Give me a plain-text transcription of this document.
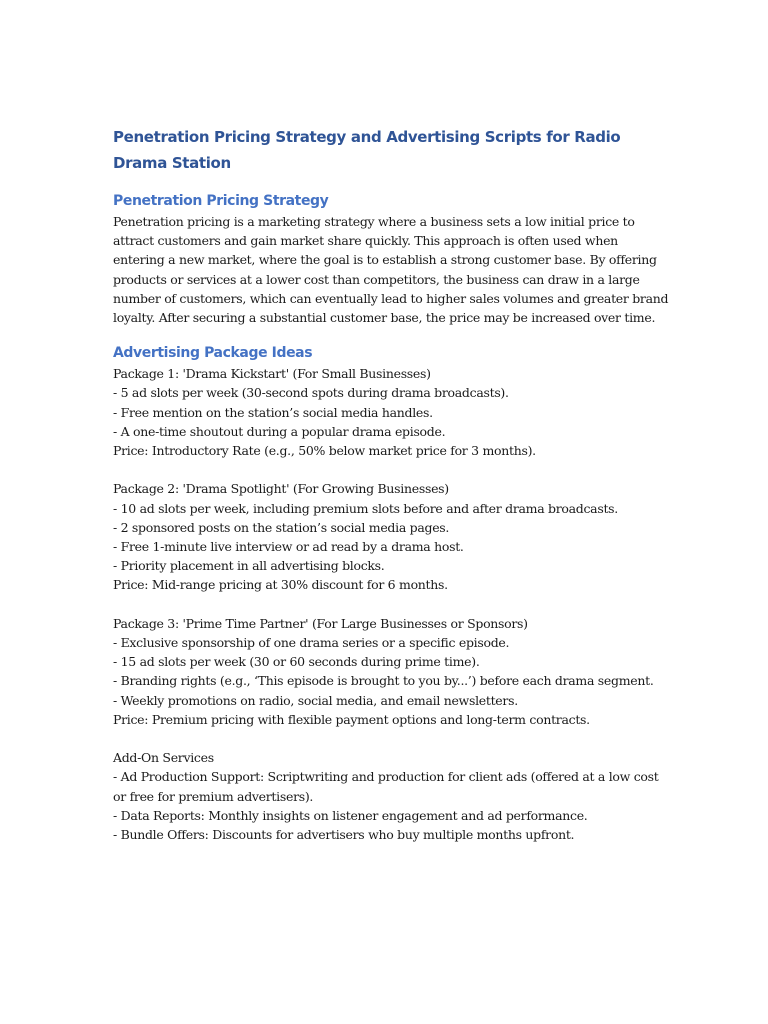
Penetration Pricing Strategy and Advertising Scripts for Radio Drama Station
Penetration Pricing Strategy

Penetration pricing is a marketing strategy where a business sets a low initial price to attract customers and gain market share quickly. This approach is often used when entering a new market, where the goal is to establish a strong customer base. By offering products or services at a lower cost than competitors, the business can draw in a large number of customers, which can eventually lead to higher sales volumes and greater brand loyalty. After securing a substantial customer base, the price may be increased over time.

Advertising Package Ideas
Package 1: 'Drama Kickstart' (For Small Businesses)
- 5 ad slots per week (30-second spots during drama broadcasts).
- Free mention on the station’s social media handles.
- A one-time shoutout during a popular drama episode.
Price: Introductory Rate (e.g., 50% below market price for 3 months).
Package 2: 'Drama Spotlight' (For Growing Businesses)
- 10 ad slots per week, including premium slots before and after drama broadcasts.
- 2 sponsored posts on the station’s social media pages.
- Free 1-minute live interview or ad read by a drama host.
- Priority placement in all advertising blocks.
Price: Mid-range pricing at 30% discount for 6 months.
Package 3: 'Prime Time Partner' (For Large Businesses or Sponsors)
- Exclusive sponsorship of one drama series or a specific episode.
- 15 ad slots per week (30 or 60 seconds during prime time).
- Branding rights (e.g., ‘This episode is brought to you by...’) before each drama segment.
- Weekly promotions on radio, social media, and email newsletters.
Price: Premium pricing with flexible payment options and long-term contracts.
Add-On Services
- Ad Production Support: Scriptwriting and production for client ads (offered at a low cost or free for premium advertisers).
- Data Reports: Monthly insights on listener engagement and ad performance.
- Bundle Offers: Discounts for advertisers who buy multiple months upfront.
